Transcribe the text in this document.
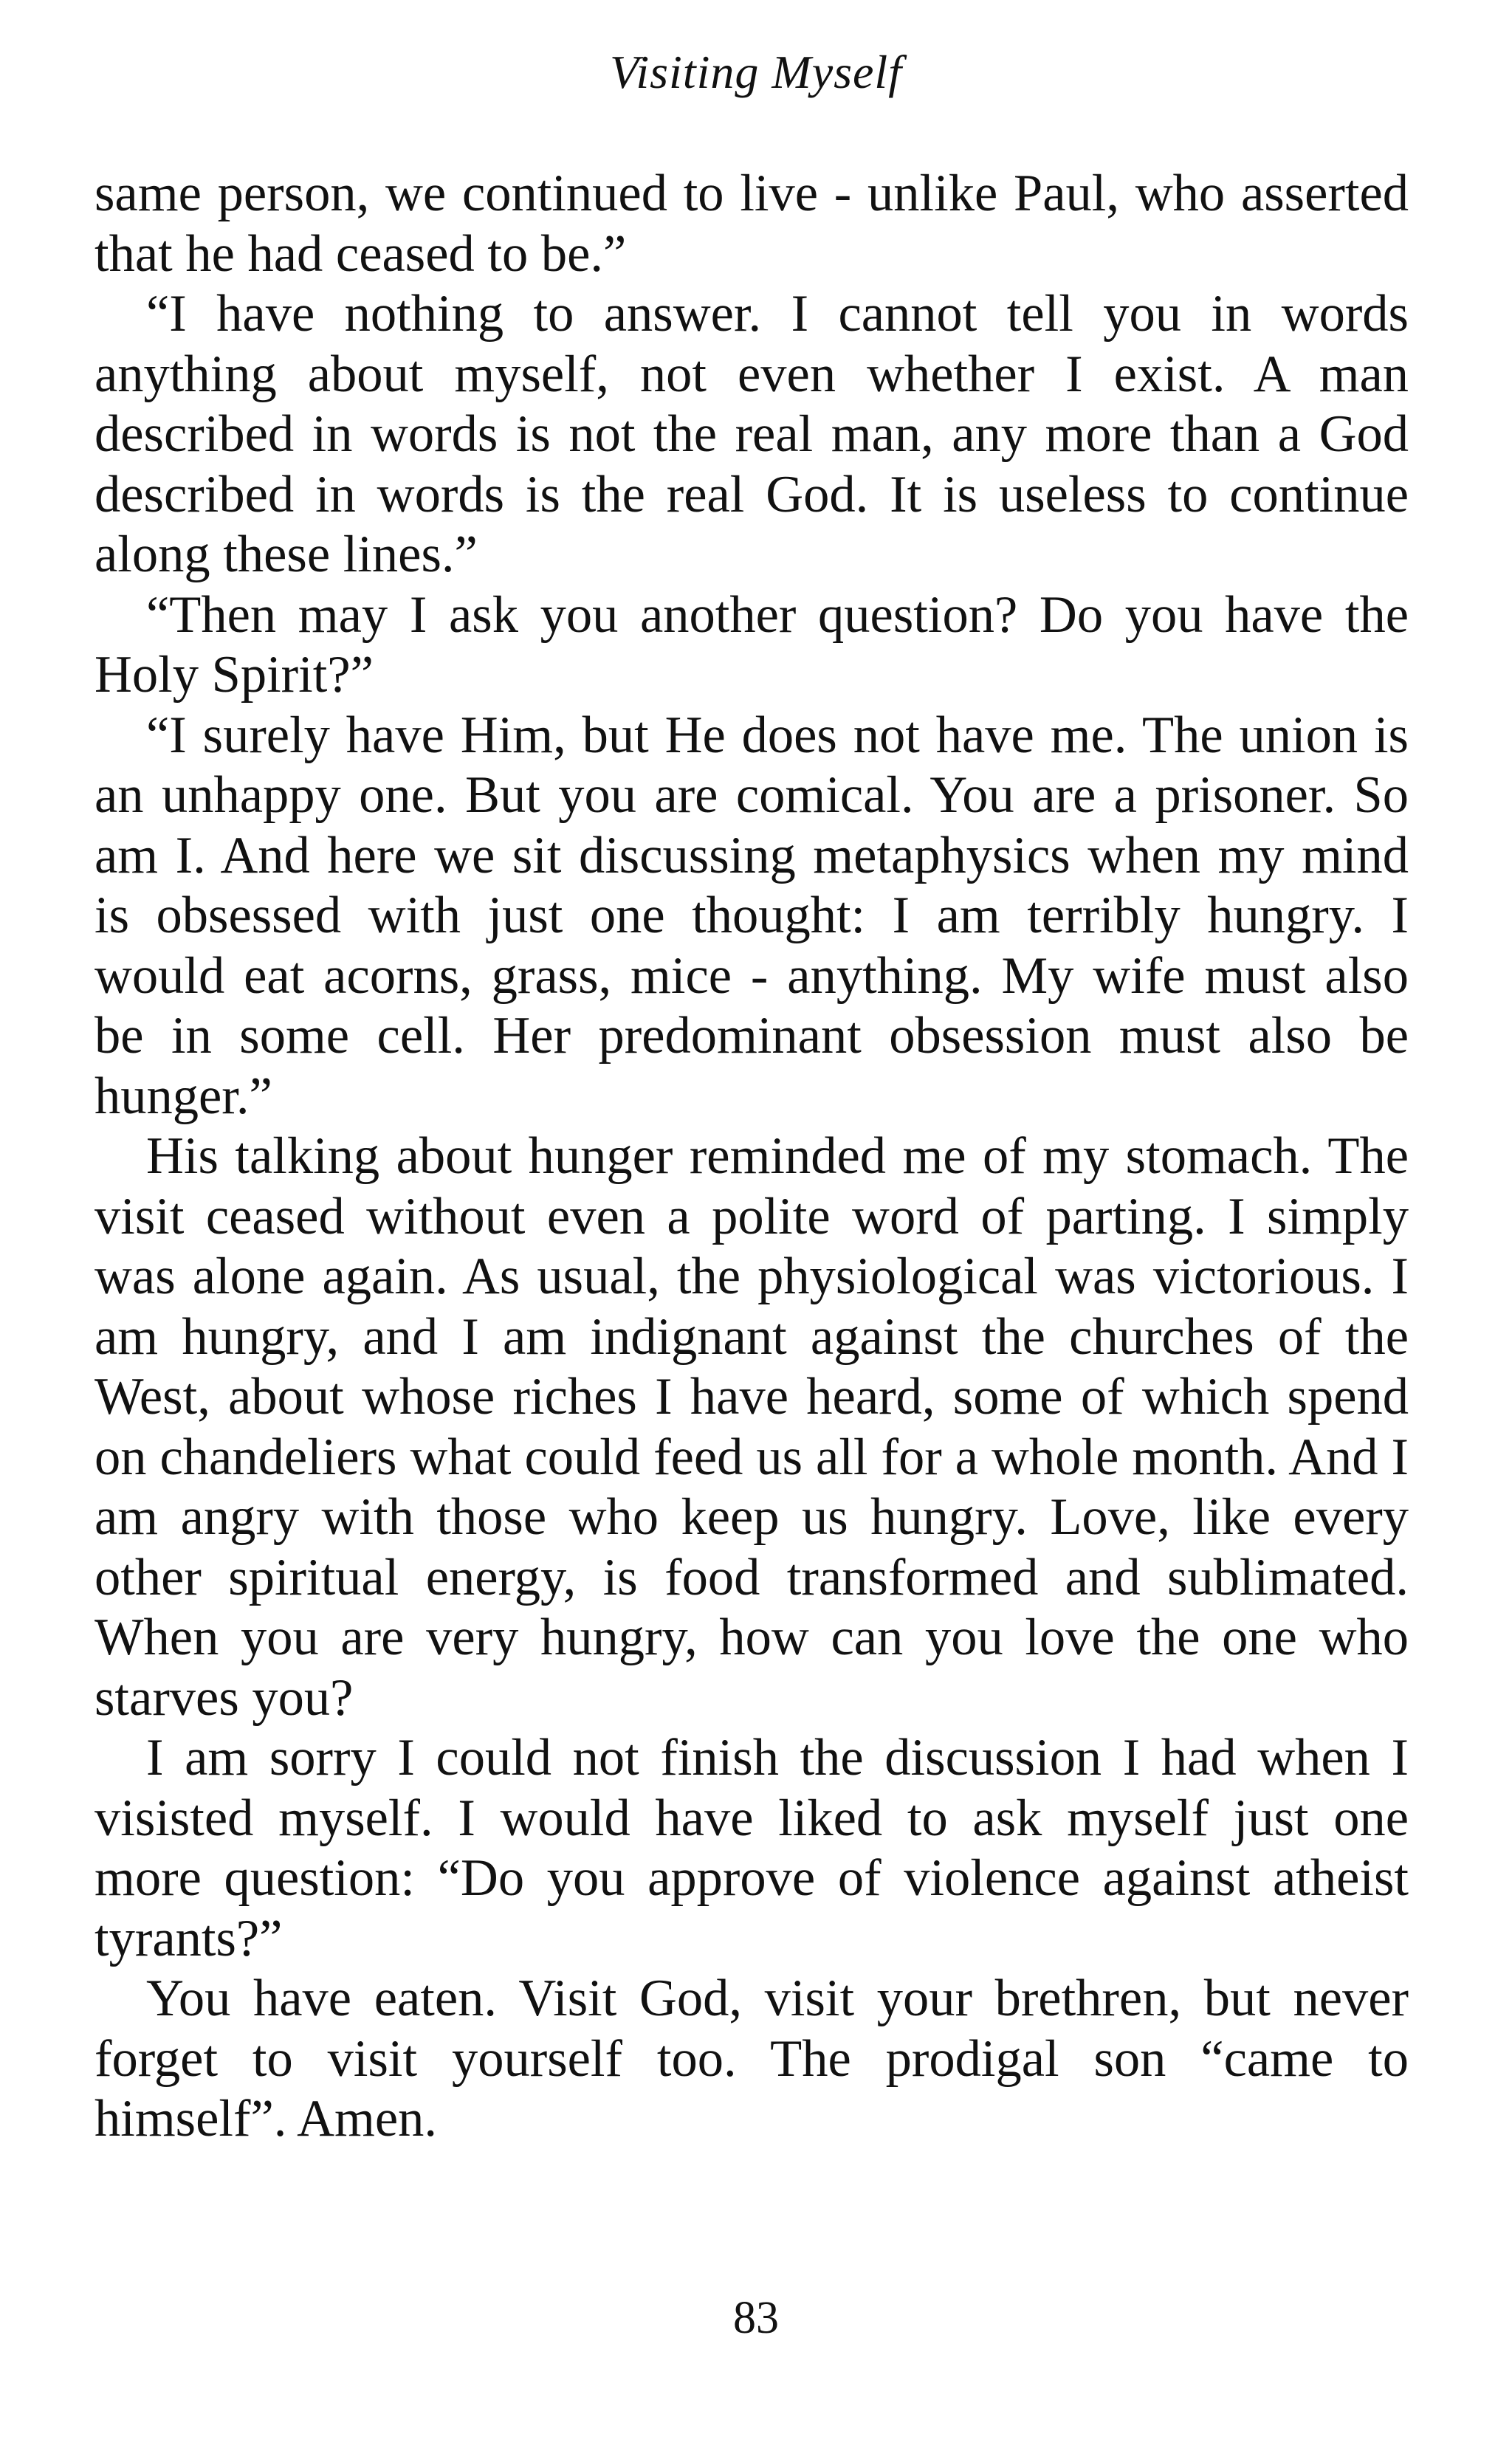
Visiting Myself

same person, we continued to live - unlike Paul, who asserted that he had ceased to be.”

“I have nothing to answer. I cannot tell you in words anything about myself, not even whether I exist. A man described in words is not the real man, any more than a God described in words is the real God. It is useless to continue along these lines.”

“Then may I ask you another question? Do you have the Holy Spirit?”

“I surely have Him, but He does not have me. The union is an unhappy one. But you are comical. You are a prisoner. So am I. And here we sit discussing metaphysics when my mind is obsessed with just one thought: I am terribly hungry. I would eat acorns, grass, mice - anything. My wife must also be in some cell. Her predominant obsession must also be hunger.”

His talking about hunger reminded me of my stomach. The visit ceased without even a polite word of parting. I simply was alone again. As usual, the physiological was victorious. I am hungry, and I am indignant against the churches of the West, about whose riches I have heard, some of which spend on chandeliers what could feed us all for a whole month. And I am angry with those who keep us hungry. Love, like every other spiritual energy, is food transformed and sublimated. When you are very hungry, how can you love the one who starves you?

I am sorry I could not finish the discussion I had when I visisted myself. I would have liked to ask myself just one more question: “Do you approve of violence against atheist tyrants?”

You have eaten. Visit God, visit your brethren, but never forget to visit yourself too. The prodigal son “came to himself”. Amen.

83
